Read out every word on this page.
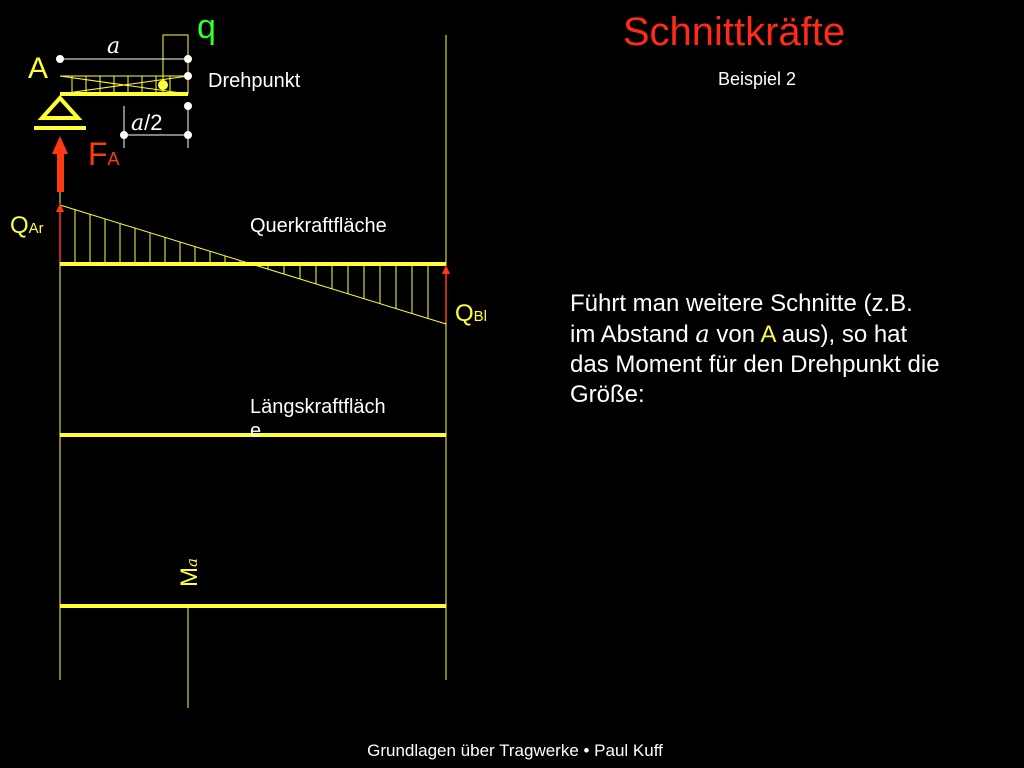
q
A
a
Drehpunkt
a/2
FA
QAr	Querkraftfläche
QBl
Längskraftfläch
e
Ma
Schnittkräfte
Beispiel 2
Führt man weitere Schnitte (z.B.
im Abstand a von A aus), so hat
das Moment für den Drehpunkt die
Größe:
Grundlagen über Tragwerke • Paul Kuff
